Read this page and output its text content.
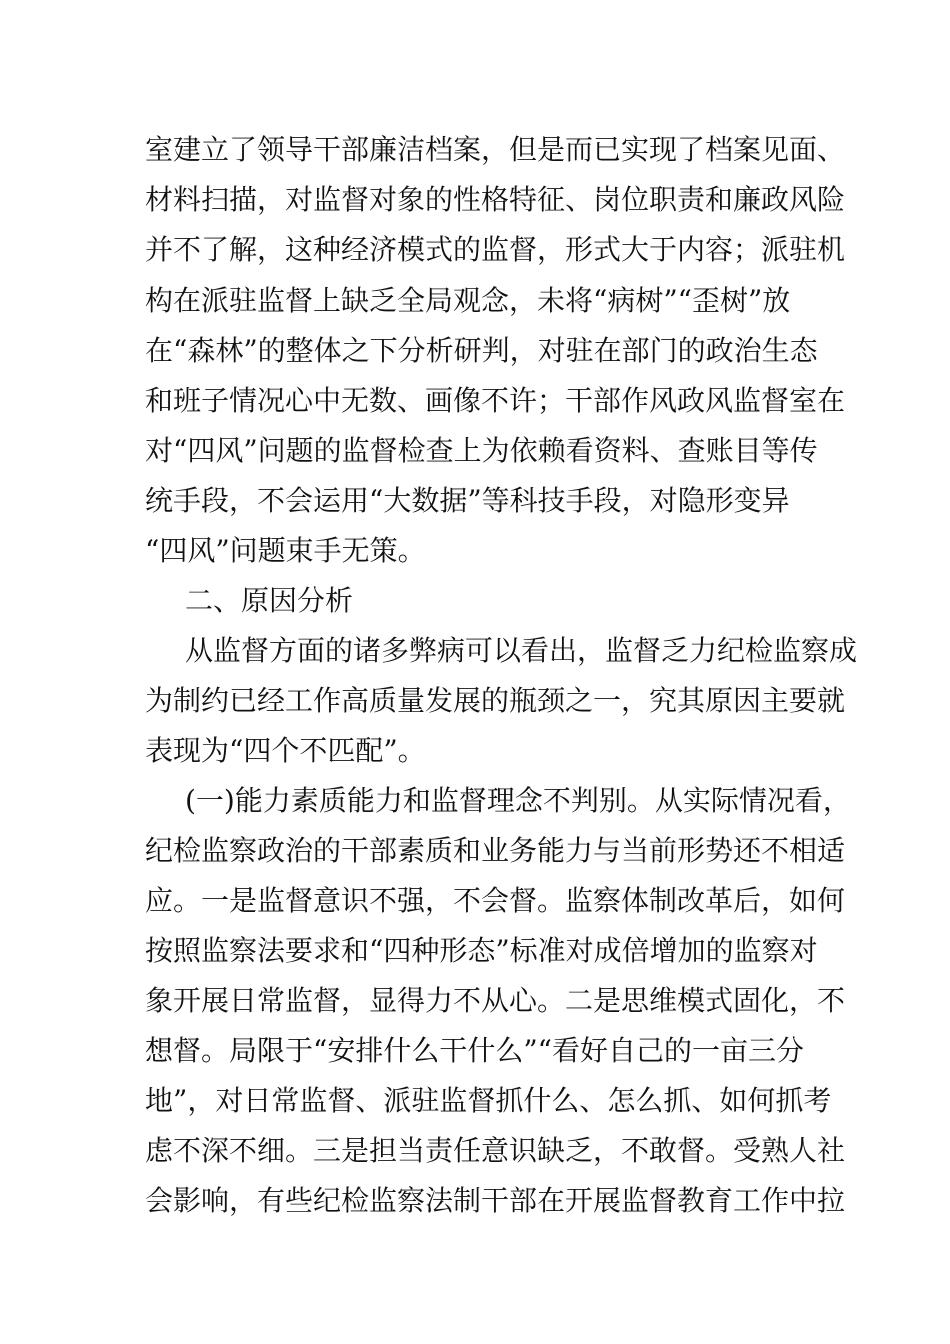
室建立了领导干部廉洁档案，但是而已实现了档案见面、
材料扫描，对监督对象的性格特征、岗位职责和廉政风险
并不了解，这种经济模式的监督，形式大于内容；派驻机
构在派驻监督上缺乏全局观念，未将“病树”“歪树”放
在“森林”的整体之下分析研判，对驻在部门的政治生态
和班子情况心中无数、画像不许；干部作风政风监督室在
对“四风”问题的监督检查上为依赖看资料、查账目等传
统手段，不会运用“大数据”等科技手段，对隐形变异
“四风”问题束手无策。
二、原因分析
从监督方面的诸多弊病可以看出，监督乏力纪检监察成
为制约已经工作高质量发展的瓶颈之一，究其原因主要就
表现为“四个不匹配”。
(一)能力素质能力和监督理念不判别。从实际情况看，
纪检监察政治的干部素质和业务能力与当前形势还不相适
应。一是监督意识不强，不会督。监察体制改革后，如何
按照监察法要求和“四种形态”标准对成倍增加的监察对
象开展日常监督，显得力不从心。二是思维模式固化，不
想督。局限于“安排什么干什么”“看好自己的一亩三分
地”，对日常监督、派驻监督抓什么、怎么抓、如何抓考
虑不深不细。三是担当责任意识缺乏，不敢督。受熟人社
会影响，有些纪检监察法制干部在开展监督教育工作中拉
